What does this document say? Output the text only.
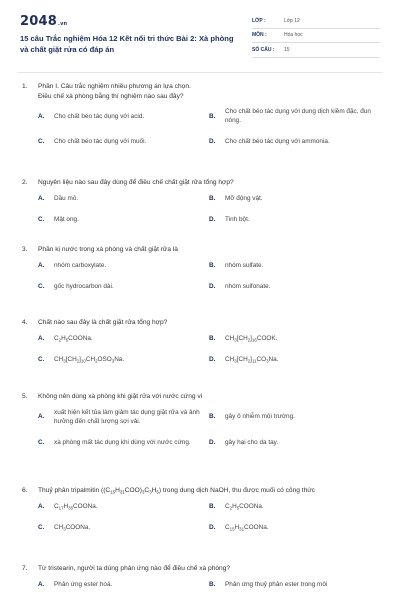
2048.vn
15 câu Trắc nghiệm Hóa 12 Kết nối tri thức Bài 2: Xà phòng
và chất giặt rửa có đáp án
LỚP :	Lớp 12
MÔN :	Hóa học
SỐ CÂU :	15
1.	Phần I. Câu trắc nghiệm nhiều phương án lựa chọn.
Điều chế xà phòng bằng thí nghiệm nào sau đây?
A.	Cho chất béo tác dụng với acid.	B.
Cho chất béo tác dụng với dung dịch kiềm đặc, đun nóng.
C.	Cho chất béo tác dụng với muối.	D.	Cho chất béo tác dụng với ammonia.
2.	Nguyên liệu nào sau đây dùng để điều chế chất giặt rửa tổng hợp?
A.	Dầu mỏ.	B.	Mỡ động vật.
C.	Mật ong.	D.	Tinh bột.
3.	Phần kị nước trong xà phòng và chất giặt rửa là
A.	nhóm carboxylate.	B.	nhóm sulfate.
C.	gốc hydrocarbon dài.	D.	nhóm sulfonate.
4.	Chất nào sau đây là chất giặt rửa tổng hợp?
A.	$C_2H_5COONa$.	B.	$CH_3[CH_2]_{16}COOK$.
C.	$CH_3[CH_2]_{10}CH_2OSO_3Na$.	D.	$CH_3[CH_2]_{11}CO_3Na$.
5.	Không nên dùng xà phòng khi giặt rửa với nước cứng vì
A.
xuất hiện kết tủa làm giảm tác dụng giặt rửa và ảnh hưởng đến chất lượng sợi vải.
B.	gây ô nhiễm môi trường.
C.	xà phòng mất tác dụng khi dùng với nước cứng.	D.	gây hại cho da tay.
6.	Thuỷ phân tripalmitin $((C_{15}H_{31}COO)_3C_3H_5)$ trong dung dịch NaOH, thu được muối có công thức
A.	$C_{17}H_{35}COONa$.	B.	$C_2H_5COONa$.
C.	$CH_3COONa$.	D.	$C_{15}H_{31}COONa$.
7.	Từ tristearin, người ta dùng phản ứng nào để điều chế xà phòng?
A.	Phản ứng ester hoá.	B.	Phản ứng thuỷ phân ester trong môi
